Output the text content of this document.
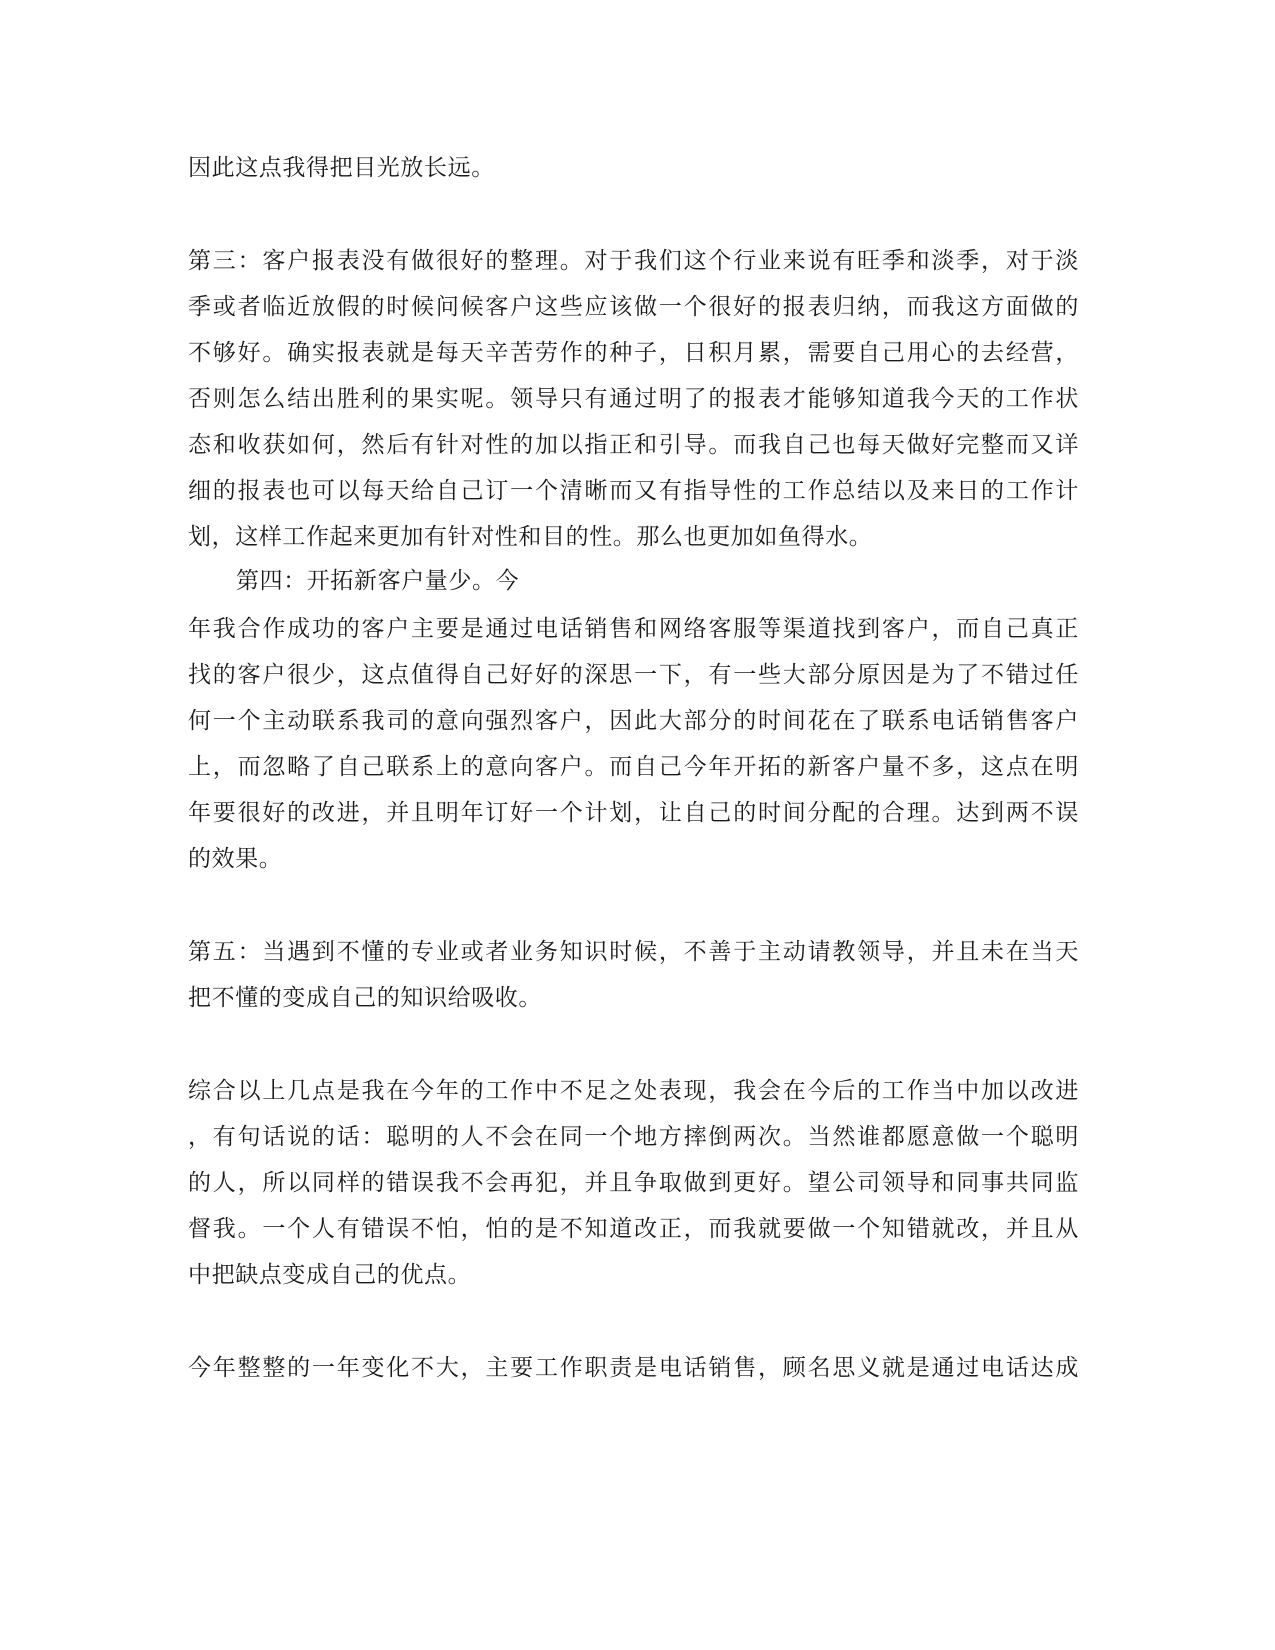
因此这点我得把目光放长远。
第三：客户报表没有做很好的整理。对于我们这个行业来说有旺季和淡季，对于淡
季或者临近放假的时候问候客户这些应该做一个很好的报表归纳，而我这方面做的
不够好。确实报表就是每天辛苦劳作的种子，日积月累，需要自己用心的去经营，
否则怎么结出胜利的果实呢。领导只有通过明了的报表才能够知道我今天的工作状
态和收获如何，然后有针对性的加以指正和引导。而我自己也每天做好完整而又详
细的报表也可以每天给自己订一个清晰而又有指导性的工作总结以及来日的工作计
划，这样工作起来更加有针对性和目的性。那么也更加如鱼得水。
第四：开拓新客户量少。今
年我合作成功的客户主要是通过电话销售和网络客服等渠道找到客户，而自己真正
找的客户很少，这点值得自己好好的深思一下，有一些大部分原因是为了不错过任
何一个主动联系我司的意向强烈客户，因此大部分的时间花在了联系电话销售客户
上，而忽略了自己联系上的意向客户。而自己今年开拓的新客户量不多，这点在明
年要很好的改进，并且明年订好一个计划，让自己的时间分配的合理。达到两不误
的效果。
第五：当遇到不懂的专业或者业务知识时候，不善于主动请教领导，并且未在当天
把不懂的变成自己的知识给吸收。
综合以上几点是我在今年的工作中不足之处表现，我会在今后的工作当中加以改进
，有句话说的话：聪明的人不会在同一个地方摔倒两次。当然谁都愿意做一个聪明
的人，所以同样的错误我不会再犯，并且争取做到更好。望公司领导和同事共同监
督我。一个人有错误不怕，怕的是不知道改正，而我就要做一个知错就改，并且从
中把缺点变成自己的优点。
今年整整的一年变化不大，主要工作职责是电话销售，顾名思义就是通过电话达成
